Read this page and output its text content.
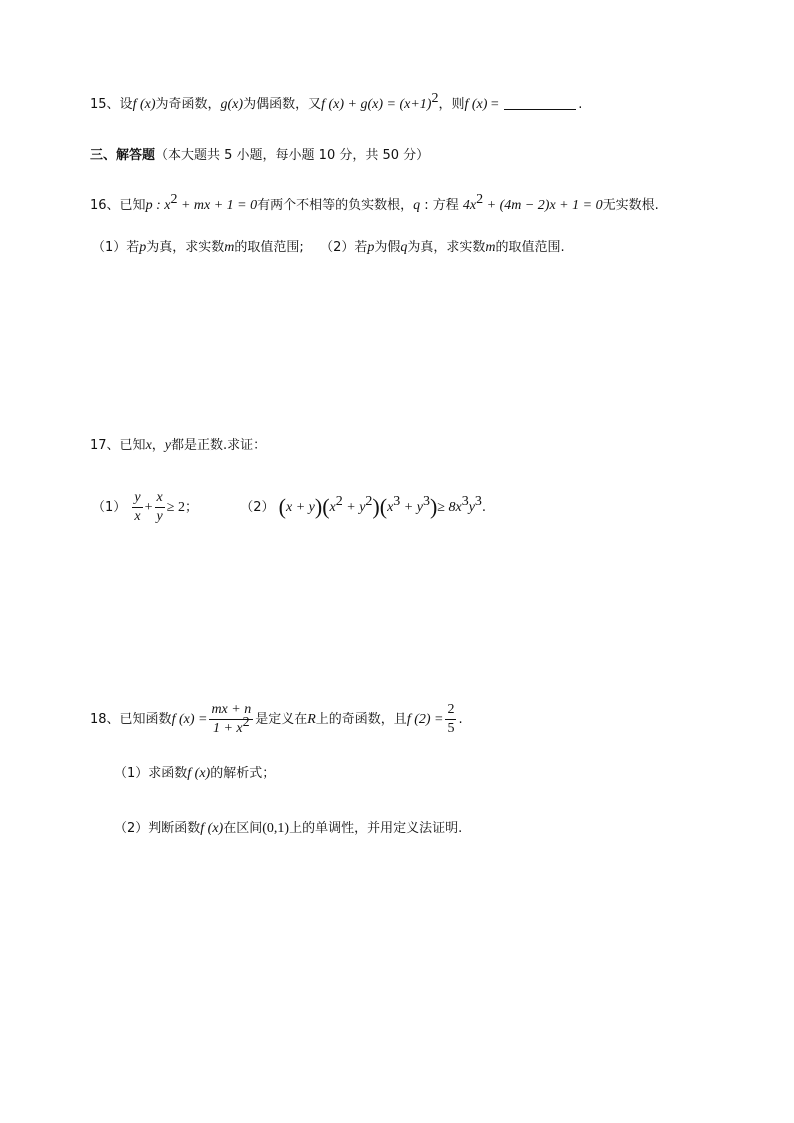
15、设f (x)为奇函数，g(x)为偶函数，又f $(x) + g(x) = (x+1)^2$，则f (x) =	.
三、解答题（本大题共 5 小题，每小题 10 分，共 50 分）
16、已知p : $x^2$ + mx + 1 = 0有两个不相等的负实数根，q : 方程 $4x^2 + (4m - 2)x + 1 = 0$无实数根.
（1）若p为真，求实数m的取值范围; （2）若p为假q为真，求实数m的取值范围.
17、已知x，y都是正数.求证：
$(1) \frac{y}{x} + \frac{x}{y} \ge 2$；	（2） $(x + y)(x^2 + y^2)(x^3 + y^3)\ge 8x^3y^3$.
18、已知函数f $(x) = \frac{mx + n}{1 + x^2}$ 是定义在R上的奇函数，且f $(2) = \frac{2}{5}$ .
（1）求函数f (x)的解析式；
（2）判断函数f (x)在区间(0,1)上的单调性，并用定义法证明.
